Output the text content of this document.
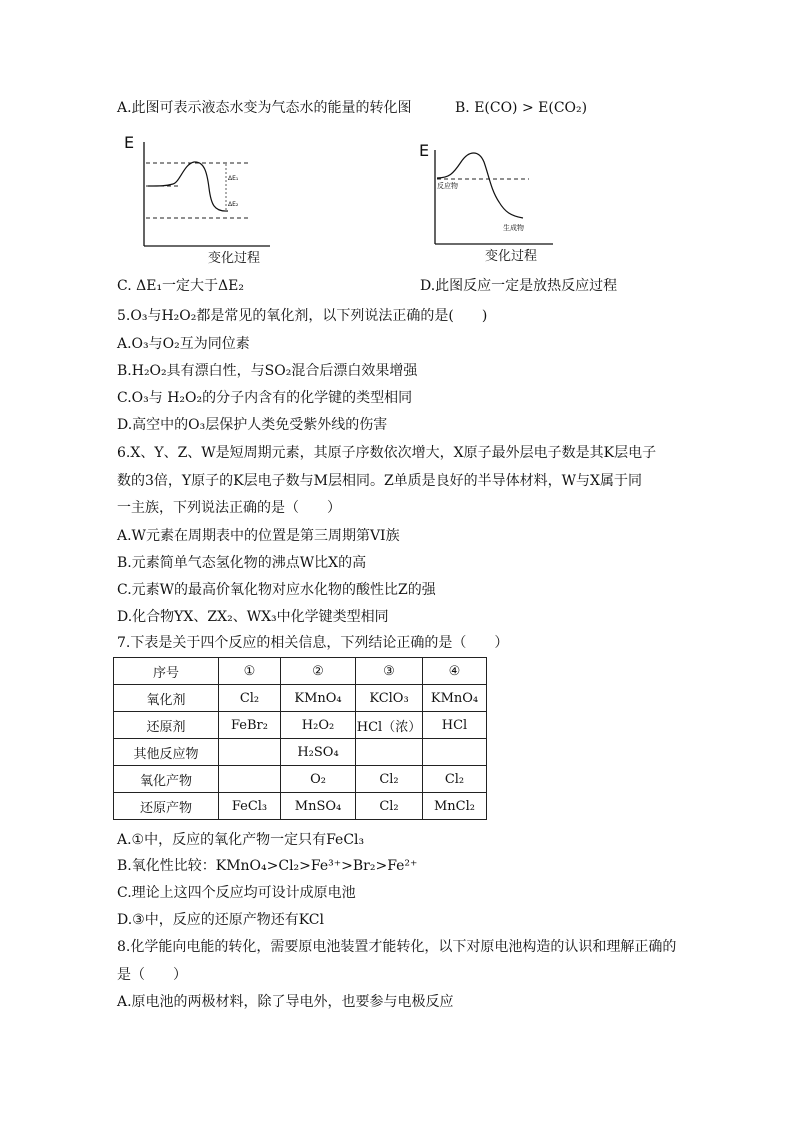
A.此图可表示液态水变为气态水的能量的转化图	B. E(CO) > E(CO₂)
E
ΔE₁
ΔE₂
变化过程
E
反应物
生成物
变化过程
C. ΔE₁一定大于ΔE₂	D.此图反应一定是放热反应过程
5.O₃与H₂O₂都是常见的氧化剂，以下列说法正确的是(　　)
A.O₃与O₂互为同位素
B.H₂O₂具有漂白性，与SO₂混合后漂白效果增强
C.O₃与 H₂O₂的分子内含有的化学键的类型相同
D.高空中的O₃层保护人类免受紫外线的伤害
6.X、Y、Z、W是短周期元素，其原子序数依次增大，X原子最外层电子数是其K层电子
数的3倍，Y原子的K层电子数与M层相同。Z单质是良好的半导体材料，W与X属于同
一主族，下列说法正确的是（　　）
A.W元素在周期表中的位置是第三周期第VI族
B.元素简单气态氢化物的沸点W比X的高
C.元素W的最高价氧化物对应水化物的酸性比Z的强
D.化合物YX、ZX₂、WX₃中化学键类型相同
7.下表是关于四个反应的相关信息，下列结论正确的是（　　）
序号	①	②	③	④
氧化剂	Cl₂	KMnO₄	KClO₃	KMnO₄
还原剂	FeBr₂	H₂O₂	HCl（浓）	HCl
其他反应物		H₂SO₄		
氧化产物		O₂	Cl₂	Cl₂
还原产物	FeCl₃	MnSO₄	Cl₂	MnCl₂
A.①中，反应的氧化产物一定只有FeCl₃
B.氧化性比较：KMnO₄>Cl₂>Fe³⁺>Br₂>Fe²⁺
C.理论上这四个反应均可设计成原电池
D.③中，反应的还原产物还有KCl
8.化学能向电能的转化，需要原电池装置才能转化，以下对原电池构造的认识和理解正确的
是（　　）
A.原电池的两极材料，除了导电外，也要参与电极反应
